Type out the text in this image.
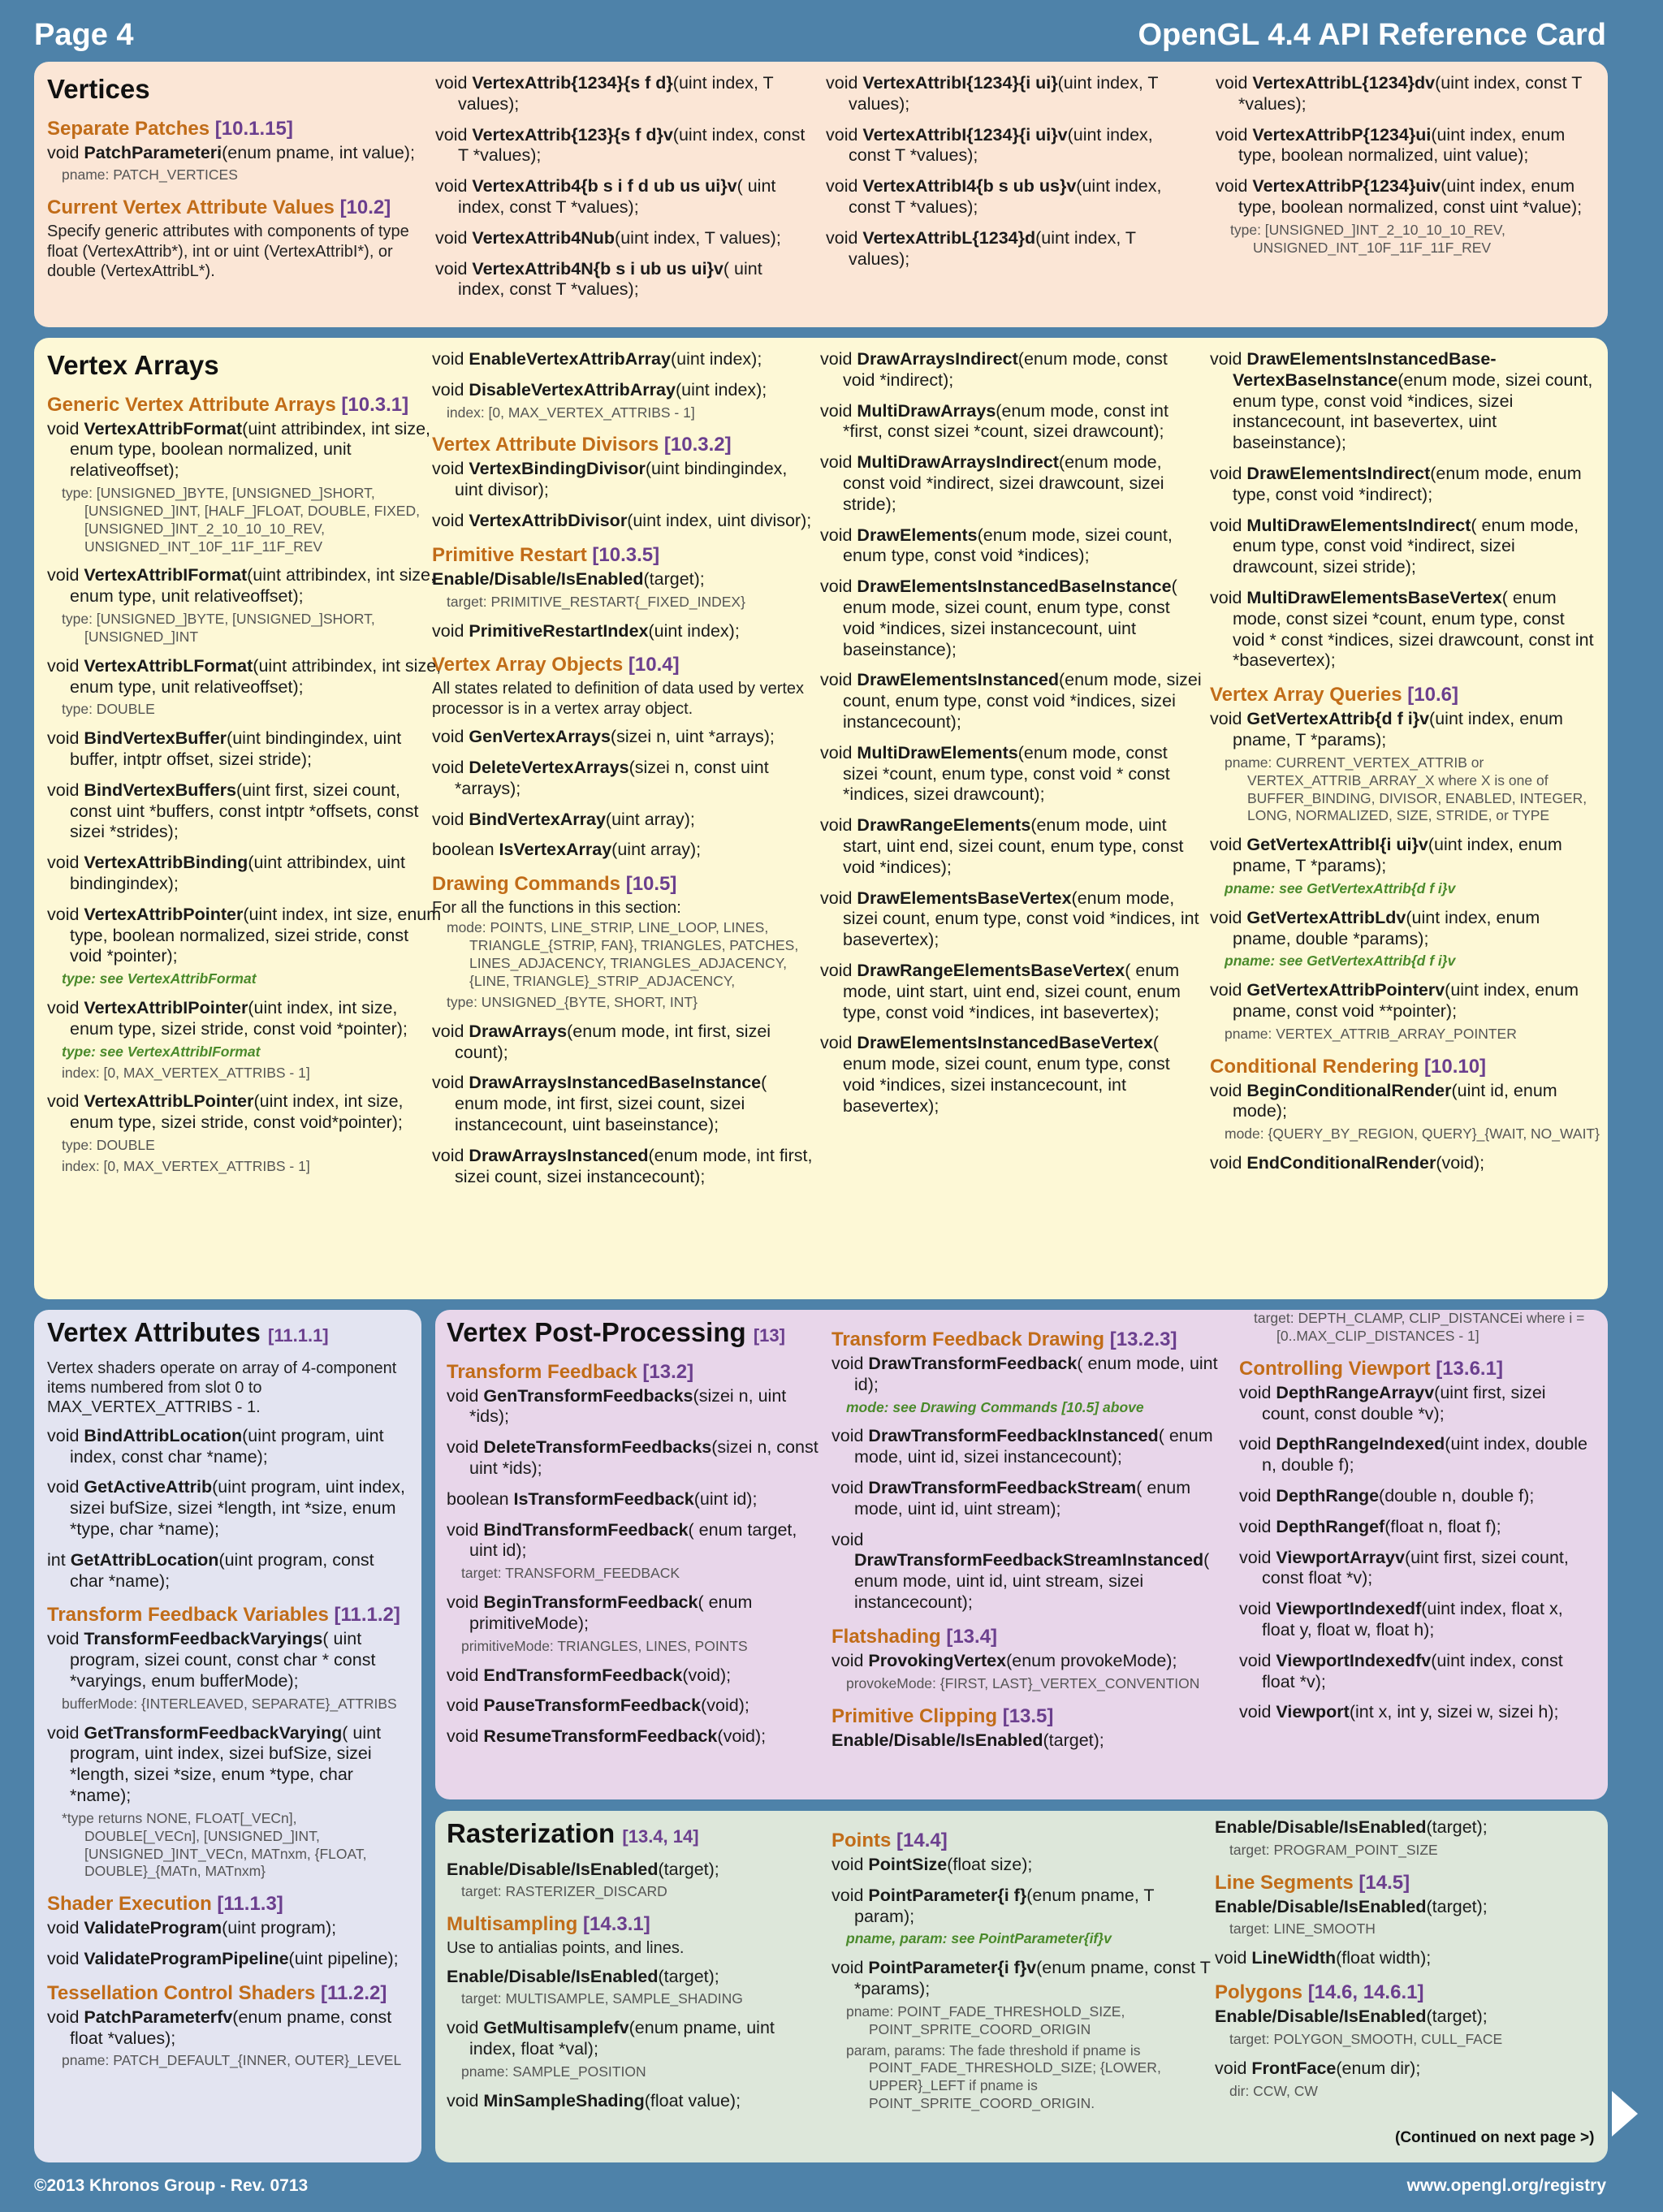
Page 4	OpenGL 4.4 API Reference Card
Vertices
Separate Patches [10.1.15]
void PatchParameteri(enum pname, int value);
pname: PATCH_VERTICES
Current Vertex Attribute Values [10.2]
Specify generic attributes with components of type float (VertexAttrib*), int or uint (VertexAttribI*), or double (VertexAttribL*).
void VertexAttrib{1234}{s f d}(uint index, T values);
void VertexAttrib{123}{s f d}v(uint index, const T *values);
void VertexAttrib4{b s i f d ub us ui}v( uint index, const T *values);
void VertexAttrib4Nub(uint index, T values);
void VertexAttrib4N{b s i ub us ui}v( uint index, const T *values);
void VertexAttribI{1234}{i ui}(uint index, T values);
void VertexAttribI{1234}{i ui}v(uint index, const T *values);
void VertexAttribI4{b s ub us}v(uint index, const T *values);
void VertexAttribL{1234}d(uint index, T values);
void VertexAttribL{1234}dv(uint index, const T *values);
void VertexAttribP{1234}ui(uint index, enum type, boolean normalized, uint value);
void VertexAttribP{1234}uiv(uint index, enum type, boolean normalized, const uint *value);
type: [UNSIGNED_]INT_2_10_10_10_REV, UNSIGNED_INT_10F_11F_11F_REV
Vertex Arrays
Generic Vertex Attribute Arrays [10.3.1]
void VertexAttribFormat(uint attribindex, int size, enum type, boolean normalized, unit relativeoffset);
type: [UNSIGNED_]BYTE, [UNSIGNED_]SHORT, [UNSIGNED_]INT, [HALF_]FLOAT, DOUBLE, FIXED, [UNSIGNED_]INT_2_10_10_10_REV, UNSIGNED_INT_10F_11F_11F_REV
void VertexAttribIFormat(uint attribindex, int size, enum type, unit relativeoffset);
type: [UNSIGNED_]BYTE, [UNSIGNED_]SHORT, [UNSIGNED_]INT
void VertexAttribLFormat(uint attribindex, int size, enum type, unit relativeoffset);
type: DOUBLE
void BindVertexBuffer(uint bindingindex, uint buffer, intptr offset, sizei stride);
void BindVertexBuffers(uint first, sizei count, const uint *buffers, const intptr *offsets, const sizei *strides);
void VertexAttribBinding(uint attribindex, uint bindingindex);
void VertexAttribPointer(uint index, int size, enum type, boolean normalized, sizei stride, const void *pointer);
type: see VertexAttribFormat
void VertexAttribIPointer(uint index, int size, enum type, sizei stride, const void *pointer);
type: see VertexAttribIFormat
index: [0, MAX_VERTEX_ATTRIBS - 1]
void VertexAttribLPointer(uint index, int size, enum type, sizei stride, const void*pointer);
type: DOUBLE
index: [0, MAX_VERTEX_ATTRIBS - 1]
void EnableVertexAttribArray(uint index);
void DisableVertexAttribArray(uint index);
index: [0, MAX_VERTEX_ATTRIBS - 1]
Vertex Attribute Divisors [10.3.2]
void VertexBindingDivisor(uint bindingindex, uint divisor);
void VertexAttribDivisor(uint index, uint divisor);
Primitive Restart [10.3.5]
Enable/Disable/IsEnabled(target);
target: PRIMITIVE_RESTART{_FIXED_INDEX}
void PrimitiveRestartIndex(uint index);
Vertex Array Objects [10.4]
All states related to definition of data used by vertex processor is in a vertex array object.
void GenVertexArrays(sizei n, uint *arrays);
void DeleteVertexArrays(sizei n, const uint *arrays);
void BindVertexArray(uint array);
boolean IsVertexArray(uint array);
Drawing Commands [10.5]
For all the functions in this section:
mode: POINTS, LINE_STRIP, LINE_LOOP, LINES, TRIANGLE_{STRIP, FAN}, TRIANGLES, PATCHES, LINES_ADJACENCY, TRIANGLES_ADJACENCY, {LINE, TRIANGLE}_STRIP_ADJACENCY,
type: UNSIGNED_{BYTE, SHORT, INT}
void DrawArrays(enum mode, int first, sizei count);
void DrawArraysInstancedBaseInstance( enum mode, int first, sizei count, sizei instancecount, uint baseinstance);
void DrawArraysInstanced(enum mode, int first, sizei count, sizei instancecount);
void DrawArraysIndirect(enum mode, const void *indirect);
void MultiDrawArrays(enum mode, const int *first, const sizei *count, sizei drawcount);
void MultiDrawArraysIndirect(enum mode, const void *indirect, sizei drawcount, sizei stride);
void DrawElements(enum mode, sizei count, enum type, const void *indices);
void DrawElementsInstancedBaseInstance( enum mode, sizei count, enum type, const void *indices, sizei instancecount, uint baseinstance);
void DrawElementsInstanced(enum mode, sizei count, enum type, const void *indices, sizei instancecount);
void MultiDrawElements(enum mode, const sizei *count, enum type, const void * const *indices, sizei drawcount);
void DrawRangeElements(enum mode, uint start, uint end, sizei count, enum type, const void *indices);
void DrawElementsBaseVertex(enum mode, sizei count, enum type, const void *indices, int basevertex);
void DrawRangeElementsBaseVertex( enum mode, uint start, uint end, sizei count, enum type, const void *indices, int basevertex);
void DrawElementsInstancedBaseVertex( enum mode, sizei count, enum type, const void *indices, sizei instancecount, int basevertex);
void DrawElementsInstancedBase- VertexBaseInstance(enum mode, sizei count, enum type, const void *indices, sizei instancecount, int basevertex, uint baseinstance);
void DrawElementsIndirect(enum mode, enum type, const void *indirect);
void MultiDrawElementsIndirect( enum mode, enum type, const void *indirect, sizei drawcount, sizei stride);
void MultiDrawElementsBaseVertex( enum mode, const sizei *count, enum type, const void * const *indices, sizei drawcount, const int *basevertex);
Vertex Array Queries [10.6]
void GetVertexAttrib{d f i}v(uint index, enum pname, T *params);
pname: CURRENT_VERTEX_ATTRIB or VERTEX_ATTRIB_ARRAY_X where X is one of BUFFER_BINDING, DIVISOR, ENABLED, INTEGER, LONG, NORMALIZED, SIZE, STRIDE, or TYPE
void GetVertexAttribI{i ui}v(uint index, enum pname, T *params);
pname: see GetVertexAttrib{d f i}v
void GetVertexAttribLdv(uint index, enum pname, double *params);
pname: see GetVertexAttrib{d f i}v
void GetVertexAttribPointerv(uint index, enum pname, const void **pointer);
pname: VERTEX_ATTRIB_ARRAY_POINTER
Conditional Rendering [10.10]
void BeginConditionalRender(uint id, enum mode);
mode: {QUERY_BY_REGION, QUERY}_{WAIT, NO_WAIT}
void EndConditionalRender(void);
Vertex Attributes [11.1.1]
Vertex shaders operate on array of 4-component items numbered from slot 0 to MAX_VERTEX_ATTRIBS - 1.
void BindAttribLocation(uint program, uint index, const char *name);
void GetActiveAttrib(uint program, uint index, sizei bufSize, sizei *length, int *size, enum *type, char *name);
int GetAttribLocation(uint program, const char *name);
Transform Feedback Variables [11.1.2]
void TransformFeedbackVaryings( uint program, sizei count, const char * const *varyings, enum bufferMode);
bufferMode: {INTERLEAVED, SEPARATE}_ATTRIBS
void GetTransformFeedbackVarying( uint program, uint index, sizei bufSize, sizei *length, sizei *size, enum *type, char *name);
*type returns NONE, FLOAT[_VECn], DOUBLE[_VECn], [UNSIGNED_]INT, [UNSIGNED_]INT_VECn, MATnxm, {FLOAT, DOUBLE}_{MATn, MATnxm}
Shader Execution [11.1.3]
void ValidateProgram(uint program);
void ValidateProgramPipeline(uint pipeline);
Tessellation Control Shaders [11.2.2]
void PatchParameterfv(enum pname, const float *values);
pname: PATCH_DEFAULT_{INNER, OUTER}_LEVEL
Vertex Post-Processing [13]
Transform Feedback [13.2]
void GenTransformFeedbacks(sizei n, uint *ids);
void DeleteTransformFeedbacks(sizei n, const uint *ids);
boolean IsTransformFeedback(uint id);
void BindTransformFeedback( enum target, uint id);
target: TRANSFORM_FEEDBACK
void BeginTransformFeedback( enum primitiveMode);
primitiveMode: TRIANGLES, LINES, POINTS
void EndTransformFeedback(void);
void PauseTransformFeedback(void);
void ResumeTransformFeedback(void);
Transform Feedback Drawing [13.2.3]
void DrawTransformFeedback( enum mode, uint id);
mode: see Drawing Commands [10.5] above
void DrawTransformFeedbackInstanced( enum mode, uint id, sizei instancecount);
void DrawTransformFeedbackStream( enum mode, uint id, uint stream);
void DrawTransformFeedbackStreamInstanced( enum mode, uint id, uint stream, sizei instancecount);
Flatshading [13.4]
void ProvokingVertex(enum provokeMode);
provokeMode: {FIRST, LAST}_VERTEX_CONVENTION
Primitive Clipping [13.5]
Enable/Disable/IsEnabled(target);
target: DEPTH_CLAMP, CLIP_DISTANCEi where i = [0..MAX_CLIP_DISTANCES - 1]
Controlling Viewport [13.6.1]
void DepthRangeArrayv(uint first, sizei count, const double *v);
void DepthRangeIndexed(uint index, double n, double f);
void DepthRange(double n, double f);
void DepthRangef(float n, float f);
void ViewportArrayv(uint first, sizei count, const float *v);
void ViewportIndexedf(uint index, float x, float y, float w, float h);
void ViewportIndexedfv(uint index, const float *v);
void Viewport(int x, int y, sizei w, sizei h);
Rasterization [13.4, 14]
Enable/Disable/IsEnabled(target);
target: RASTERIZER_DISCARD
Multisampling [14.3.1]
Use to antialias points, and lines.
Enable/Disable/IsEnabled(target);
target: MULTISAMPLE, SAMPLE_SHADING
void GetMultisamplefv(enum pname, uint index, float *val);
pname: SAMPLE_POSITION
void MinSampleShading(float value);
Points [14.4]
void PointSize(float size);
void PointParameter{i f}(enum pname, T param);
pname, param: see PointParameter{if}v
void PointParameter{i f}v(enum pname, const T *params);
pname: POINT_FADE_THRESHOLD_SIZE, POINT_SPRITE_COORD_ORIGIN
param, params: The fade threshold if pname is POINT_FADE_THRESHOLD_SIZE; {LOWER, UPPER}_LEFT if pname is POINT_SPRITE_COORD_ORIGIN.
Enable/Disable/IsEnabled(target);
target: PROGRAM_POINT_SIZE
Line Segments [14.5]
Enable/Disable/IsEnabled(target);
target: LINE_SMOOTH
void LineWidth(float width);
Polygons [14.6, 14.6.1]
Enable/Disable/IsEnabled(target);
target: POLYGON_SMOOTH, CULL_FACE
void FrontFace(enum dir);
dir: CCW, CW
(Continued on next page >)
©2013 Khronos Group - Rev. 0713	www.opengl.org/registry
